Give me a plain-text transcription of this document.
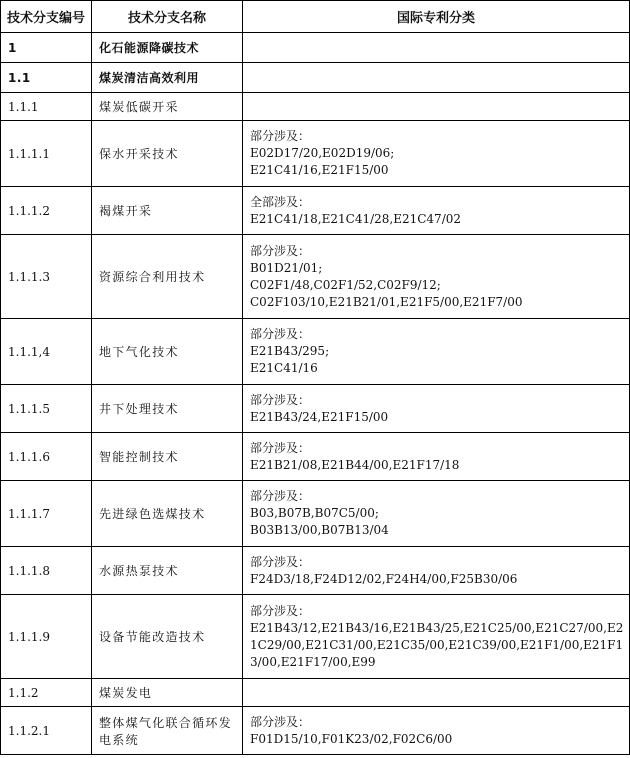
技术分支编号	技术分支名称	国际专利分类
1	化石能源降碳技术	
1.1	煤炭清洁高效利用	
1.1.1	煤炭低碳开采	
1.1.1.1	保水开采技术	部分涉及：
E02D17/20,E02D19/06;
E21C41/16,E21F15/00

1.1.1.2	褐煤开采	全部涉及：
E21C41/18,E21C41/28,E21C47/02

1.1.1.3	资源综合利用技术	部分涉及：
B01D21/01;
C02F1/48,C02F1/52,C02F9/12;
C02F103/10,E21B21/01,E21F5/00,E21F7/00

1.1.1,4	地下气化技术	部分涉及：
E21B43/295;
E21C41/16

1.1.1.5	井下处理技术	部分涉及：
E21B43/24,E21F15/00

1.1.1.6	智能控制技术	部分涉及：
E21B21/08,E21B44/00,E21F17/18

1.1.1.7	先进绿色选煤技术	部分涉及：
B03,B07B,B07C5/00;
B03B13/00,B07B13/04

1.1.1.8	水源热泵技术	部分涉及：
F24D3/18,F24D12/02,F24H4/00,F25B30/06

1.1.1.9	设备节能改造技术	部分涉及：
E21B43/12,E21B43/16,E21B43/25,E21C25/00,E21C27/00,E21C29/00,E21C31/00,E21C35/00,E21C39/00,E21F1/00,E21F13/00,E21F17/00,E99

1.1.2	煤炭发电	
1.1.2.1	整体煤气化联合循环发电系统	部分涉及：
F01D15/10,F01K23/02,F02C6/00
